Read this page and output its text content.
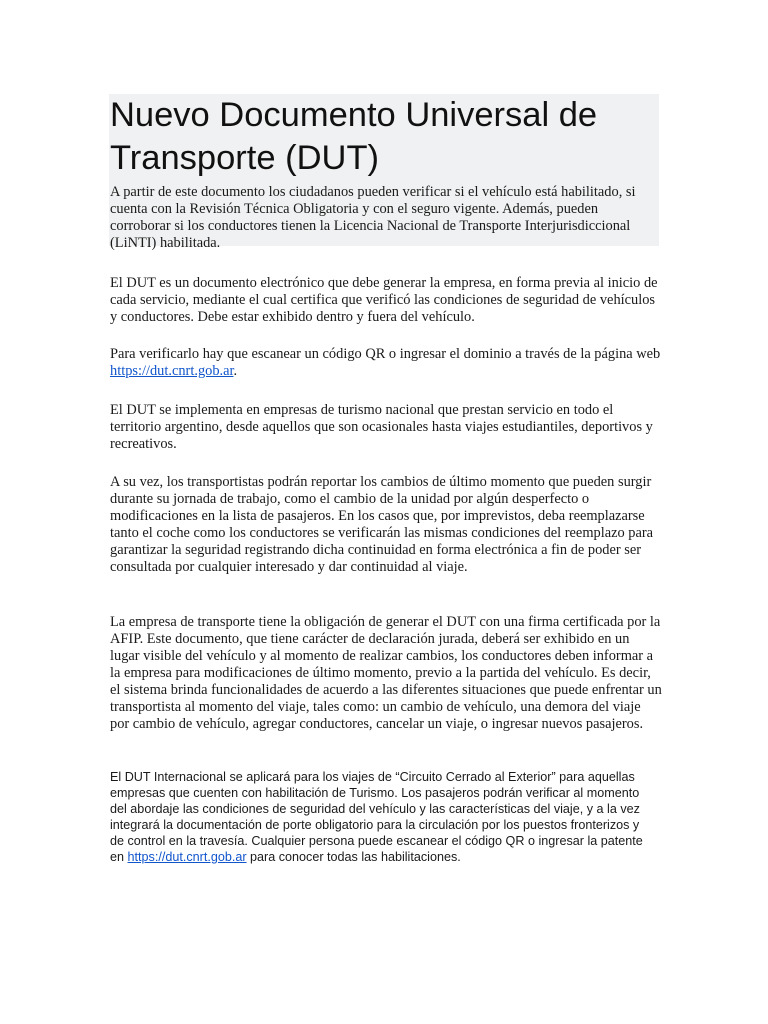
Nuevo Documento Universal de Transporte (DUT)

A partir de este documento los ciudadanos pueden verificar si el vehículo está habilitado, si cuenta con la Revisión Técnica Obligatoria y con el seguro vigente. Además, pueden corroborar si los conductores tienen la Licencia Nacional de Transporte Interjurisdiccional (LiNTI) habilitada.

El DUT es un documento electrónico que debe generar la empresa, en forma previa al inicio de cada servicio, mediante el cual certifica que verificó las condiciones de seguridad de vehículos y conductores. Debe estar exhibido dentro y fuera del vehículo.

Para verificarlo hay que escanear un código QR o ingresar el dominio a través de la página web https://dut.cnrt.gob.ar.

El DUT se implementa en empresas de turismo nacional que prestan servicio en todo el territorio argentino, desde aquellos que son ocasionales hasta viajes estudiantiles, deportivos y recreativos.

A su vez, los transportistas podrán reportar los cambios de último momento que pueden surgir durante su jornada de trabajo, como el cambio de la unidad por algún desperfecto o modificaciones en la lista de pasajeros. En los casos que, por imprevistos, deba reemplazarse tanto el coche como los conductores se verificarán las mismas condiciones del reemplazo para garantizar la seguridad registrando dicha continuidad en forma electrónica a fin de poder ser consultada por cualquier interesado y dar continuidad al viaje.

La empresa de transporte tiene la obligación de generar el DUT con una firma certificada por la AFIP. Este documento, que tiene carácter de declaración jurada, deberá ser exhibido en un lugar visible del vehículo y al momento de realizar cambios, los conductores deben informar a la empresa para modificaciones de último momento, previo a la partida del vehículo. Es decir, el sistema brinda funcionalidades de acuerdo a las diferentes situaciones que puede enfrentar un transportista al momento del viaje, tales como: un cambio de vehículo, una demora del viaje por cambio de vehículo, agregar conductores, cancelar un viaje, o ingresar nuevos pasajeros.

El DUT Internacional se aplicará para los viajes de “Circuito Cerrado al Exterior” para aquellas empresas que cuenten con habilitación de Turismo. Los pasajeros podrán verificar al momento del abordaje las condiciones de seguridad del vehículo y las características del viaje, y a la vez integrará la documentación de porte obligatorio para la circulación por los puestos fronterizos y de control en la travesía. Cualquier persona puede escanear el código QR o ingresar la patente en https://dut.cnrt.gob.ar para conocer todas las habilitaciones.
